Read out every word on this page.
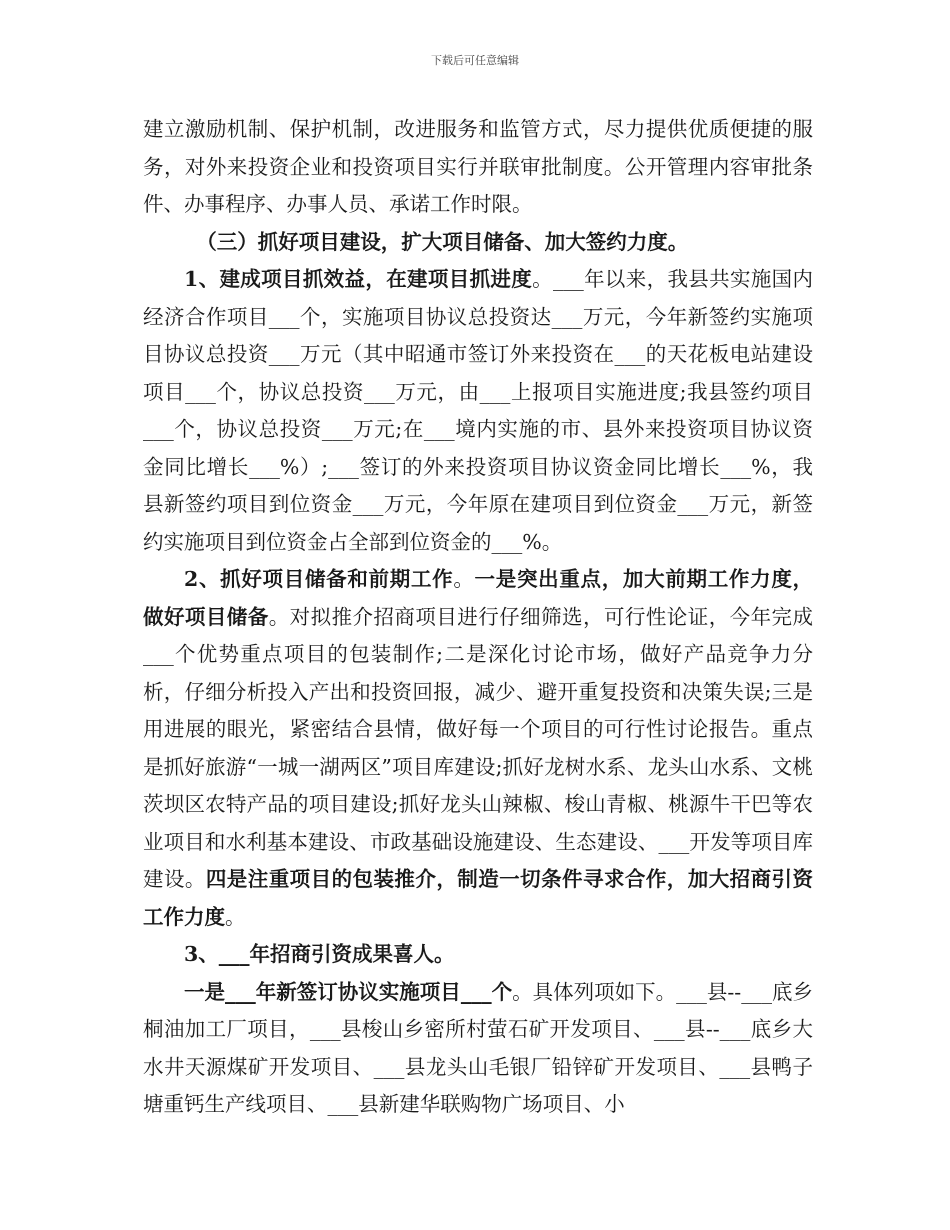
下载后可任意编辑

建立激励机制、保护机制，改进服务和监管方式，尽力提供优质便捷的服务，对外来投资企业和投资项目实行并联审批制度。公开管理内容审批条件、办事程序、办事人员、承诺工作时限。

（三）抓好项目建设，扩大项目储备、加大签约力度。

1、建成项目抓效益，在建项目抓进度。___年以来，我县共实施国内经济合作项目___个，实施项目协议总投资达___万元，今年新签约实施项目协议总投资___万元（其中昭通市签订外来投资在___的天花板电站建设项目___个，协议总投资___万元，由___上报项目实施进度;我县签约项目___个，协议总投资___万元;在___境内实施的市、县外来投资项目协议资金同比增长___%）;___签订的外来投资项目协议资金同比增长___%，我县新签约项目到位资金___万元，今年原在建项目到位资金___万元，新签约实施项目到位资金占全部到位资金的___%。

2、抓好项目储备和前期工作。一是突出重点，加大前期工作力度，做好项目储备。对拟推介招商项目进行仔细筛选，可行性论证，今年完成___个优势重点项目的包装制作;二是深化讨论市场，做好产品竞争力分析，仔细分析投入产出和投资回报，减少、避开重复投资和决策失误;三是用进展的眼光，紧密结合县情，做好每一个项目的可行性讨论报告。重点是抓好旅游“一城一湖两区”项目库建设;抓好龙树水系、龙头山水系、文桃茨坝区农特产品的项目建设;抓好龙头山辣椒、梭山青椒、桃源牛干巴等农业项目和水利基本建设、市政基础设施建设、生态建设、___开发等项目库建设。四是注重项目的包装推介，制造一切条件寻求合作，加大招商引资工作力度。

3、___年招商引资成果喜人。

一是___年新签订协议实施项目___个。具体列项如下。___县--___底乡桐油加工厂项目，___县梭山乡密所村萤石矿开发项目、___县--___底乡大水井天源煤矿开发项目、___县龙头山毛银厂铅锌矿开发项目、___县鸭子塘重钙生产线项目、___县新建华联购物广场项目、小
